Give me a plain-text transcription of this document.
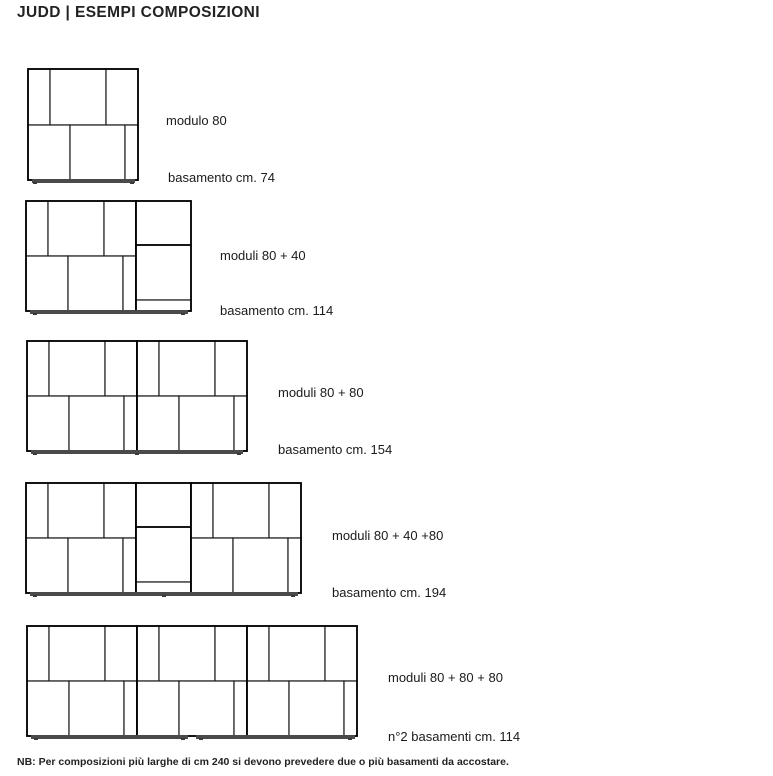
JUDD | ESEMPI COMPOSIZIONI
modulo 80
basamento cm. 74
moduli 80 + 40
basamento cm. 114
moduli 80 + 80
basamento cm. 154
moduli 80 + 40 +80
basamento cm. 194
moduli 80 + 80 + 80
n°2 basamenti cm. 114
NB: Per composizioni più larghe di cm 240 si devono prevedere due o più basamenti da accostare.
